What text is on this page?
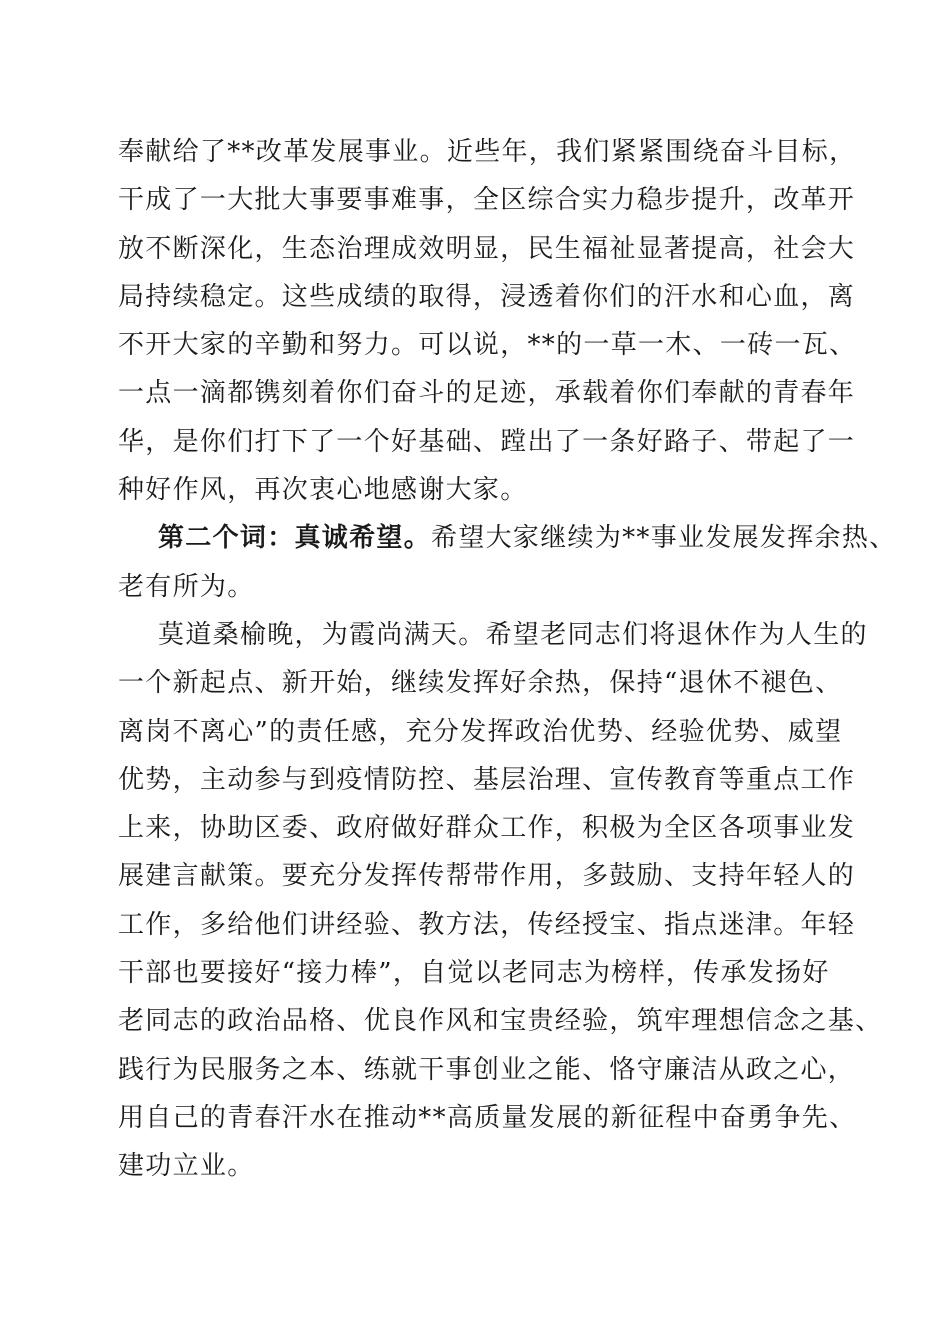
奉献给了**改革发展事业。近些年，我们紧紧围绕奋斗目标，
干成了一大批大事要事难事，全区综合实力稳步提升，改革开
放不断深化，生态治理成效明显，民生福祉显著提高，社会大
局持续稳定。这些成绩的取得，浸透着你们的汗水和心血，离
不开大家的辛勤和努力。可以说，**的一草一木、一砖一瓦、
一点一滴都镌刻着你们奋斗的足迹，承载着你们奉献的青春年
华，是你们打下了一个好基础、蹚出了一条好路子、带起了一
种好作风，再次衷心地感谢大家。
第二个词：真诚希望。希望大家继续为**事业发展发挥余热、
老有所为。
莫道桑榆晚，为霞尚满天。希望老同志们将退休作为人生的
一个新起点、新开始，继续发挥好余热，保持“退休不褪色、
离岗不离心”的责任感，充分发挥政治优势、经验优势、威望
优势，主动参与到疫情防控、基层治理、宣传教育等重点工作
上来，协助区委、政府做好群众工作，积极为全区各项事业发
展建言献策。要充分发挥传帮带作用，多鼓励、支持年轻人的
工作，多给他们讲经验、教方法，传经授宝、指点迷津。年轻
干部也要接好“接力棒”，自觉以老同志为榜样，传承发扬好
老同志的政治品格、优良作风和宝贵经验，筑牢理想信念之基、
践行为民服务之本、练就干事创业之能、恪守廉洁从政之心，
用自己的青春汗水在推动**高质量发展的新征程中奋勇争先、
建功立业。
